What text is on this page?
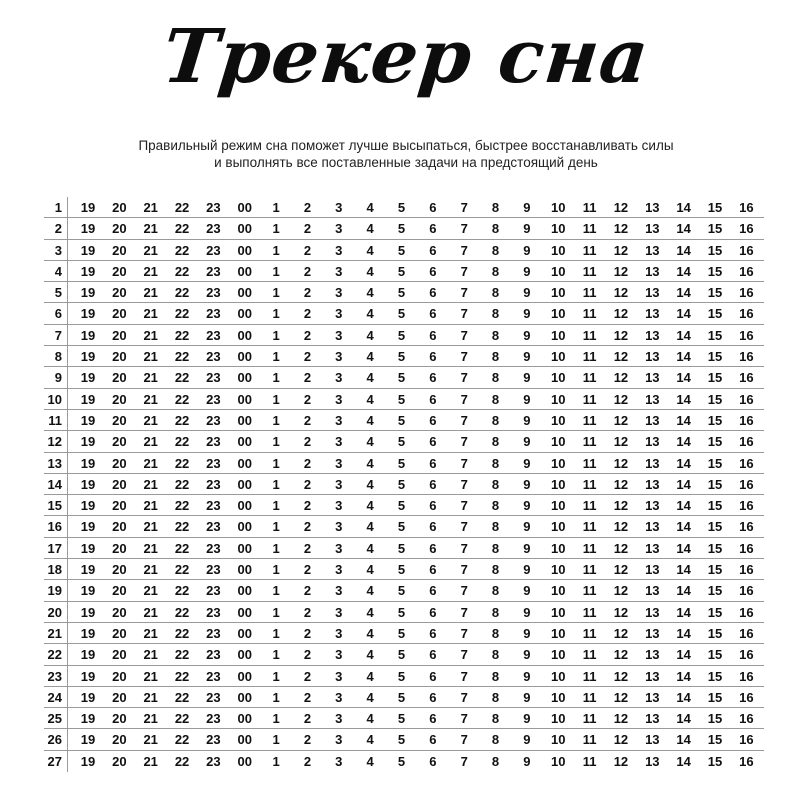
Трекер сна
Правильный режим сна поможет лучше высыпаться, быстрее восстанавливать силы
и выполнять все поставленные задачи на предстоящий день
1	19	20	21	22	23	00	1	2	3	4	5	6	7	8	9	10	11	12	13	14	15	16
2	19	20	21	22	23	00	1	2	3	4	5	6	7	8	9	10	11	12	13	14	15	16
3	19	20	21	22	23	00	1	2	3	4	5	6	7	8	9	10	11	12	13	14	15	16
4	19	20	21	22	23	00	1	2	3	4	5	6	7	8	9	10	11	12	13	14	15	16
5	19	20	21	22	23	00	1	2	3	4	5	6	7	8	9	10	11	12	13	14	15	16
6	19	20	21	22	23	00	1	2	3	4	5	6	7	8	9	10	11	12	13	14	15	16
7	19	20	21	22	23	00	1	2	3	4	5	6	7	8	9	10	11	12	13	14	15	16
8	19	20	21	22	23	00	1	2	3	4	5	6	7	8	9	10	11	12	13	14	15	16
9	19	20	21	22	23	00	1	2	3	4	5	6	7	8	9	10	11	12	13	14	15	16
10	19	20	21	22	23	00	1	2	3	4	5	6	7	8	9	10	11	12	13	14	15	16
11	19	20	21	22	23	00	1	2	3	4	5	6	7	8	9	10	11	12	13	14	15	16
12	19	20	21	22	23	00	1	2	3	4	5	6	7	8	9	10	11	12	13	14	15	16
13	19	20	21	22	23	00	1	2	3	4	5	6	7	8	9	10	11	12	13	14	15	16
14	19	20	21	22	23	00	1	2	3	4	5	6	7	8	9	10	11	12	13	14	15	16
15	19	20	21	22	23	00	1	2	3	4	5	6	7	8	9	10	11	12	13	14	15	16
16	19	20	21	22	23	00	1	2	3	4	5	6	7	8	9	10	11	12	13	14	15	16
17	19	20	21	22	23	00	1	2	3	4	5	6	7	8	9	10	11	12	13	14	15	16
18	19	20	21	22	23	00	1	2	3	4	5	6	7	8	9	10	11	12	13	14	15	16
19	19	20	21	22	23	00	1	2	3	4	5	6	7	8	9	10	11	12	13	14	15	16
20	19	20	21	22	23	00	1	2	3	4	5	6	7	8	9	10	11	12	13	14	15	16
21	19	20	21	22	23	00	1	2	3	4	5	6	7	8	9	10	11	12	13	14	15	16
22	19	20	21	22	23	00	1	2	3	4	5	6	7	8	9	10	11	12	13	14	15	16
23	19	20	21	22	23	00	1	2	3	4	5	6	7	8	9	10	11	12	13	14	15	16
24	19	20	21	22	23	00	1	2	3	4	5	6	7	8	9	10	11	12	13	14	15	16
25	19	20	21	22	23	00	1	2	3	4	5	6	7	8	9	10	11	12	13	14	15	16
26	19	20	21	22	23	00	1	2	3	4	5	6	7	8	9	10	11	12	13	14	15	16
27	19	20	21	22	23	00	1	2	3	4	5	6	7	8	9	10	11	12	13	14	15	16
